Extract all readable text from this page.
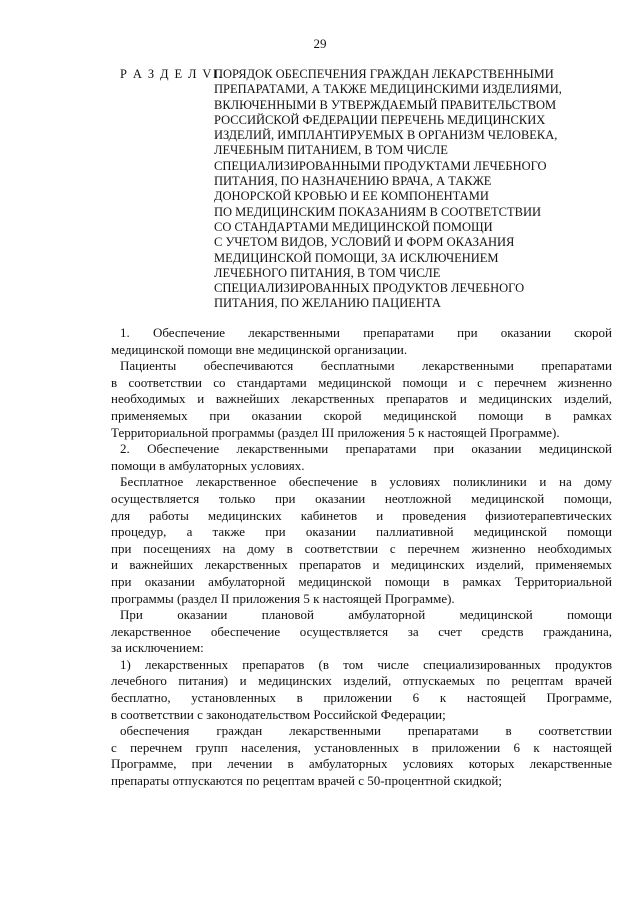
29
Р А З Д Е Л VI.
ПОРЯДОК ОБЕСПЕЧЕНИЯ ГРАЖДАН ЛЕКАРСТВЕННЫМИ
ПРЕПАРАТАМИ, А ТАКЖЕ МЕДИЦИНСКИМИ ИЗДЕЛИЯМИ,
ВКЛЮЧЕННЫМИ В УТВЕРЖДАЕМЫЙ ПРАВИТЕЛЬСТВОМ
РОССИЙСКОЙ ФЕДЕРАЦИИ ПЕРЕЧЕНЬ МЕДИЦИНСКИХ
ИЗДЕЛИЙ, ИМПЛАНТИРУЕМЫХ В ОРГАНИЗМ ЧЕЛОВЕКА,
ЛЕЧЕБНЫМ ПИТАНИЕМ, В ТОМ ЧИСЛЕ
СПЕЦИАЛИЗИРОВАННЫМИ ПРОДУКТАМИ ЛЕЧЕБНОГО
ПИТАНИЯ, ПО НАЗНАЧЕНИЮ ВРАЧА, А ТАКЖЕ
ДОНОРСКОЙ КРОВЬЮ И ЕЕ КОМПОНЕНТАМИ
ПО МЕДИЦИНСКИМ ПОКАЗАНИЯМ В СООТВЕТСТВИИ
СО СТАНДАРТАМИ МЕДИЦИНСКОЙ ПОМОЩИ
С УЧЕТОМ ВИДОВ, УСЛОВИЙ И ФОРМ ОКАЗАНИЯ
МЕДИЦИНСКОЙ ПОМОЩИ, ЗА ИСКЛЮЧЕНИЕМ
ЛЕЧЕБНОГО ПИТАНИЯ, В ТОМ ЧИСЛЕ
СПЕЦИАЛИЗИРОВАННЫХ ПРОДУКТОВ ЛЕЧЕБНОГО
ПИТАНИЯ, ПО ЖЕЛАНИЮ ПАЦИЕНТА
1. Обеспечение лекарственными препаратами при оказании скорой
медицинской помощи вне медицинской организации.
Пациенты обеспечиваются бесплатными лекарственными препаратами
в соответствии со стандартами медицинской помощи и с перечнем жизненно
необходимых и важнейших лекарственных препаратов и медицинских изделий,
применяемых при оказании скорой медицинской помощи в рамках
Территориальной программы (раздел III приложения 5 к настоящей Программе).
2. Обеспечение лекарственными препаратами при оказании медицинской
помощи в амбулаторных условиях.
Бесплатное лекарственное обеспечение в условиях поликлиники и на дому
осуществляется только при оказании неотложной медицинской помощи,
для работы медицинских кабинетов и проведения физиотерапевтических
процедур, а также при оказании паллиативной медицинской помощи
при посещениях на дому в соответствии с перечнем жизненно необходимых
и важнейших лекарственных препаратов и медицинских изделий, применяемых
при оказании амбулаторной медицинской помощи в рамках Территориальной
программы (раздел II приложения 5 к настоящей Программе).
При оказании плановой амбулаторной медицинской помощи
лекарственное обеспечение осуществляется за счет средств гражданина,
за исключением:
1) лекарственных препаратов (в том числе специализированных продуктов
лечебного питания) и медицинских изделий, отпускаемых по рецептам врачей
бесплатно, установленных в приложении 6 к настоящей Программе,
в соответствии с законодательством Российской Федерации;
обеспечения граждан лекарственными препаратами в соответствии
с перечнем групп населения, установленных в приложении 6 к настоящей
Программе, при лечении в амбулаторных условиях которых лекарственные
препараты отпускаются по рецептам врачей с 50-процентной скидкой;
